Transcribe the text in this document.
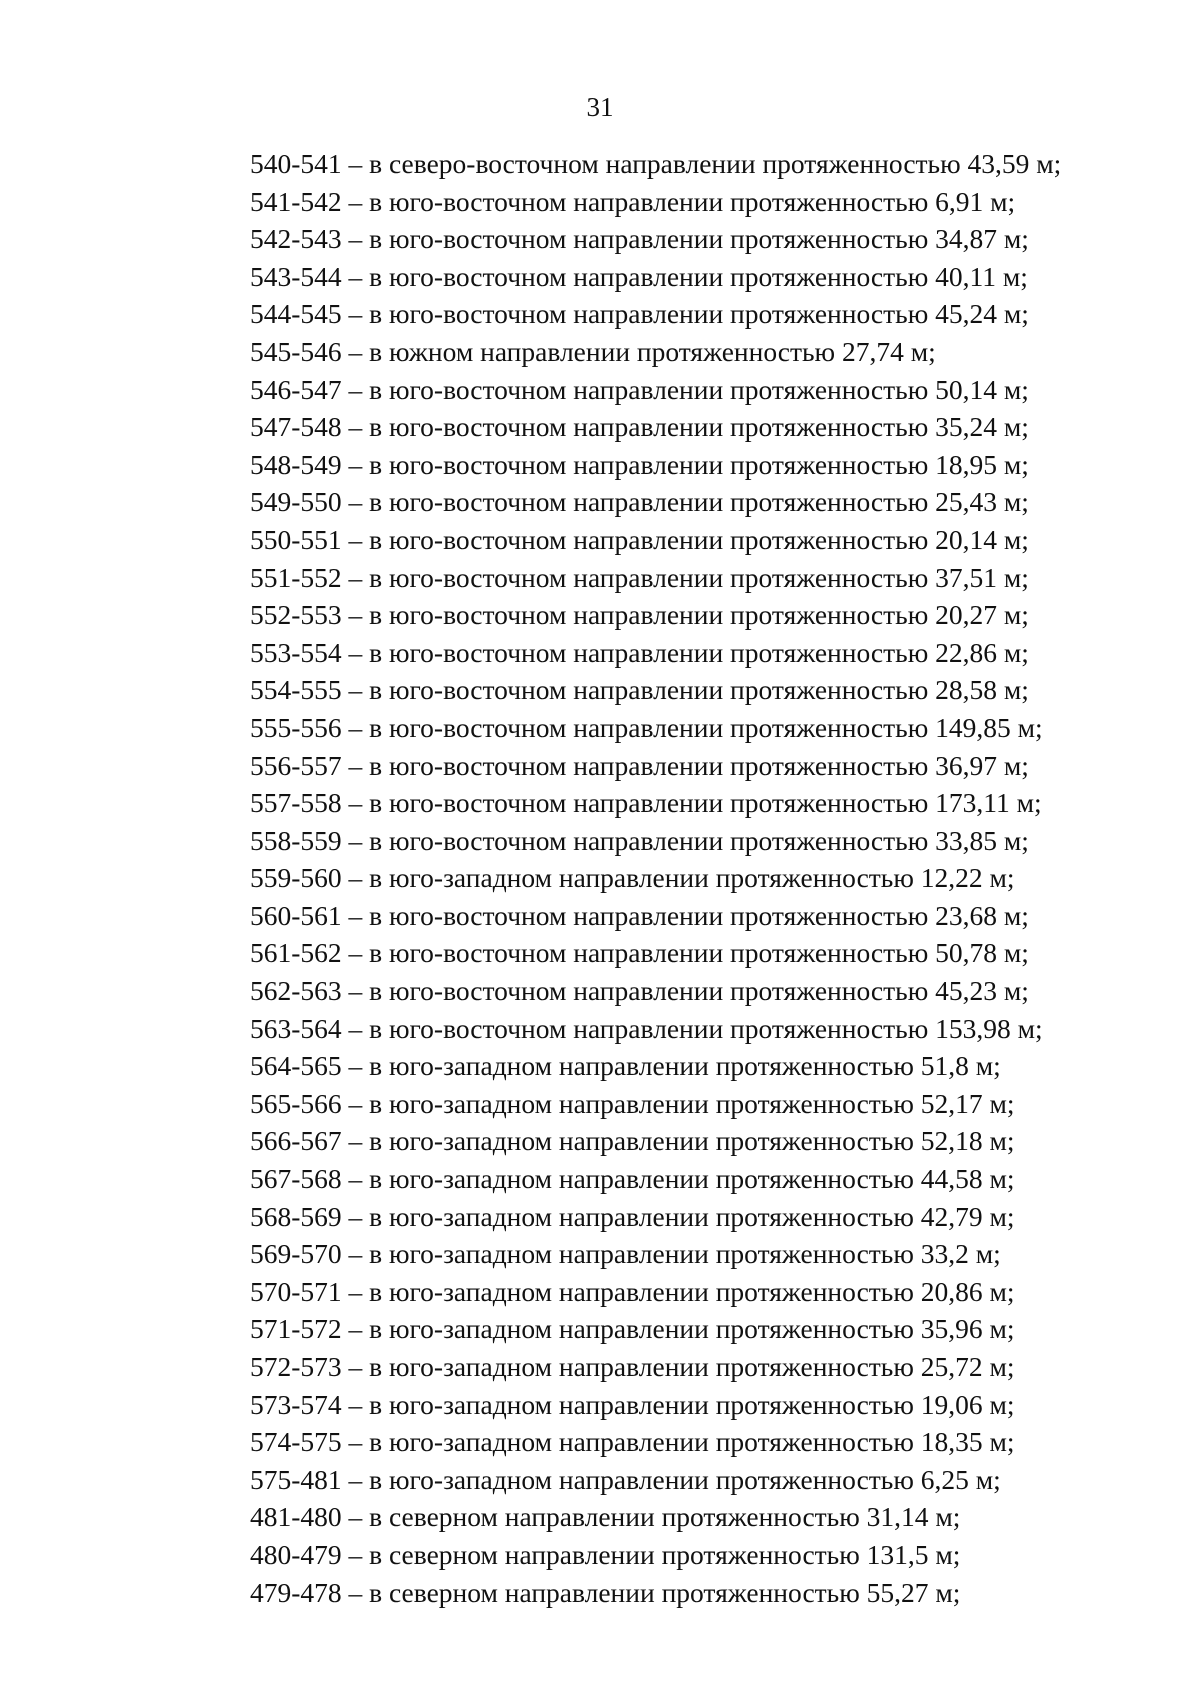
31
540-541 – в северо-восточном направлении протяженностью 43,59 м;
541-542 – в юго-восточном направлении протяженностью 6,91 м;
542-543 – в юго-восточном направлении протяженностью 34,87 м;
543-544 – в юго-восточном направлении протяженностью 40,11 м;
544-545 – в юго-восточном направлении протяженностью 45,24 м;
545-546 – в южном направлении протяженностью 27,74 м;
546-547 – в юго-восточном направлении протяженностью 50,14 м;
547-548 – в юго-восточном направлении протяженностью 35,24 м;
548-549 – в юго-восточном направлении протяженностью 18,95 м;
549-550 – в юго-восточном направлении протяженностью 25,43 м;
550-551 – в юго-восточном направлении протяженностью 20,14 м;
551-552 – в юго-восточном направлении протяженностью 37,51 м;
552-553 – в юго-восточном направлении протяженностью 20,27 м;
553-554 – в юго-восточном направлении протяженностью 22,86 м;
554-555 – в юго-восточном направлении протяженностью 28,58 м;
555-556 – в юго-восточном направлении протяженностью 149,85 м;
556-557 – в юго-восточном направлении протяженностью 36,97 м;
557-558 – в юго-восточном направлении протяженностью 173,11 м;
558-559 – в юго-восточном направлении протяженностью 33,85 м;
559-560 – в юго-западном направлении протяженностью 12,22 м;
560-561 – в юго-восточном направлении протяженностью 23,68 м;
561-562 – в юго-восточном направлении протяженностью 50,78 м;
562-563 – в юго-восточном направлении протяженностью 45,23 м;
563-564 – в юго-восточном направлении протяженностью 153,98 м;
564-565 – в юго-западном направлении протяженностью 51,8 м;
565-566 – в юго-западном направлении протяженностью 52,17 м;
566-567 – в юго-западном направлении протяженностью 52,18 м;
567-568 – в юго-западном направлении протяженностью 44,58 м;
568-569 – в юго-западном направлении протяженностью 42,79 м;
569-570 – в юго-западном направлении протяженностью 33,2 м;
570-571 – в юго-западном направлении протяженностью 20,86 м;
571-572 – в юго-западном направлении протяженностью 35,96 м;
572-573 – в юго-западном направлении протяженностью 25,72 м;
573-574 – в юго-западном направлении протяженностью 19,06 м;
574-575 – в юго-западном направлении протяженностью 18,35 м;
575-481 – в юго-западном направлении протяженностью 6,25 м;
481-480 – в северном направлении протяженностью 31,14 м;
480-479 – в северном направлении протяженностью 131,5 м;
479-478 – в северном направлении протяженностью 55,27 м;
